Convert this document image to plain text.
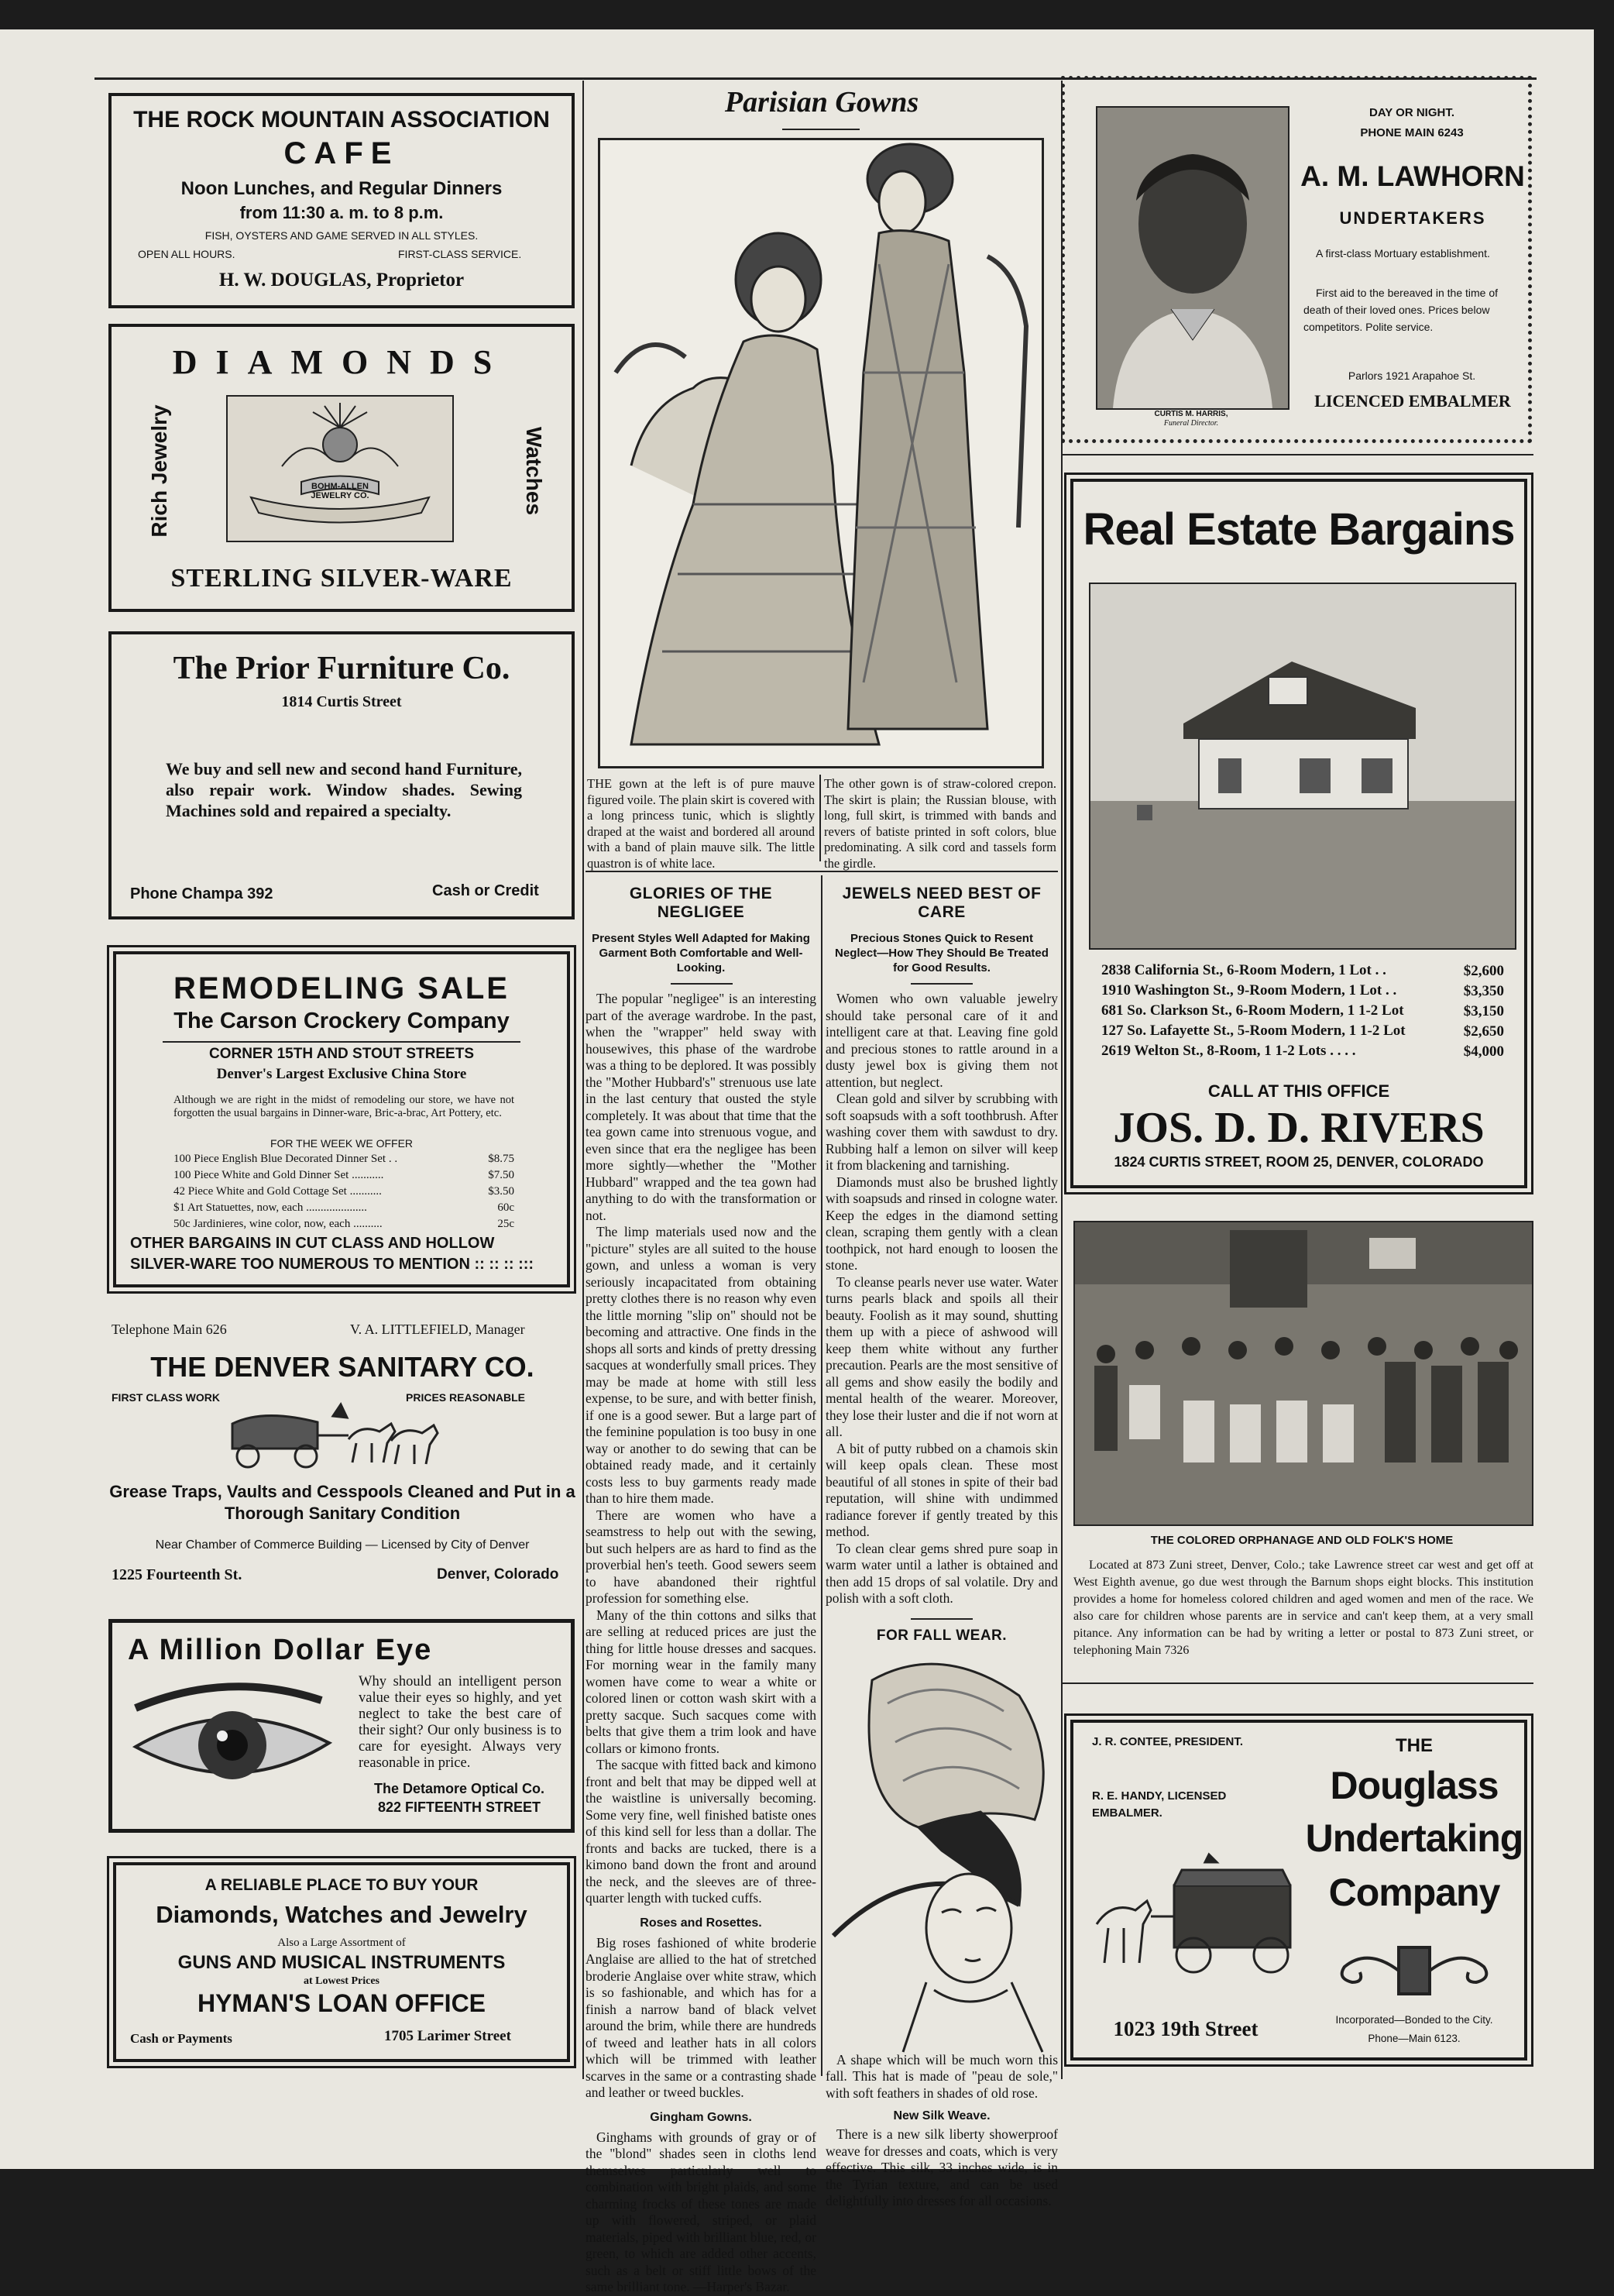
THE ROCK MOUNTAIN ASSOCIATION
CAFE
Noon Lunches, and Regular Dinners
from 11:30 a. m. to 8 p.m.
FISH, OYSTERS AND GAME SERVED IN ALL STYLES.
OPEN ALL HOURS.	FIRST-CLASS SERVICE.
H. W. DOUGLAS, Proprietor
DIAMONDS
Rich Jewelry	Watches
BOHM-ALLEN JEWELRY CO.
STERLING SILVER-WARE
The Prior Furniture Co.
1814 Curtis Street
We buy and sell new and second hand Furniture, also repair work. Window shades. Sewing Machines sold and repaired a specialty.
Phone Champa 392	Cash or Credit
REMODELING SALE
The Carson Crockery Company
CORNER 15TH AND STOUT STREETS
Denver's Largest Exclusive China Store
Although we are right in the midst of remodeling our store, we have not forgotten the usual bargains in Dinner-ware, Bric-a-brac, Art Pottery, etc.
FOR THE WEEK WE OFFER
100 Piece English Blue Decorated Dinner Set . .	$8.75
100 Piece White and Gold Dinner Set ...........	$7.50
42 Piece White and Gold Cottage Set ...........	$3.50
$1 Art Statuettes, now, each .....................	60c
50c Jardinieres, wine color, now, each ..........	25c
OTHER BARGAINS IN CUT CLASS AND HOLLOW SILVER-WARE TOO NUMEROUS TO MENTION :: :: :: :::
Telephone Main 626	V. A. LITTLEFIELD, Manager
THE DENVER SANITARY CO.
FIRST CLASS WORK	PRICES REASONABLE
Grease Traps, Vaults and Cesspools Cleaned and Put in a Thorough Sanitary Condition
Near Chamber of Commerce Building — Licensed by City of Denver
1225 Fourteenth St.	Denver, Colorado
A Million Dollar Eye
Why should an intelligent person value their eyes so highly, and yet neglect to take the best care of their sight? Our only business is to care for eyesight. Always very reasonable in price.
The Detamore Optical Co.
822 FIFTEENTH STREET
A RELIABLE PLACE TO BUY YOUR
Diamonds, Watches and Jewelry
Also a Large Assortment of
GUNS AND MUSICAL INSTRUMENTS
at Lowest Prices
HYMAN'S LOAN OFFICE
Cash or Payments	1705 Larimer Street
Parisian Gowns

THE gown at the left is of pure mauve figured voile. The plain skirt is covered with a long princess tunic, which is slightly draped at the waist and bordered all around with a band of plain mauve silk. The little quastron is of white lace.

The other gown is of straw-colored crepon. The skirt is plain; the Russian blouse, with long, full skirt, is trimmed with bands and revers of batiste printed in soft colors, blue predominating. A silk cord and tassels form the girdle.

GLORIES OF THE NEGLIGEE
Present Styles Well Adapted for Making Garment Both Comfortable and Well-Looking.

The popular "negligee" is an interesting part of the average wardrobe. In the past, when the "wrapper" held sway with housewives, this phase of the wardrobe was a thing to be deplored. It was possibly the "Mother Hubbard's" strenuous use late in the last century that ousted the style completely. It was about that time that the tea gown came into strenuous vogue, and even since that era the negligee has been more sightly—whether the "Mother Hubbard" wrapped and the tea gown had anything to do with the transformation or not.

The limp materials used now and the "picture" styles are all suited to the house gown, and unless a woman is very seriously incapacitated from obtaining pretty clothes there is no reason why even the little morning "slip on" should not be becoming and attractive. One finds in the shops all sorts and kinds of pretty dressing sacques at wonderfully small prices. They may be made at home with still less expense, to be sure, and with better finish, if one is a good sewer. But a large part of the feminine population is too busy in one way or another to do sewing that can be obtained ready made, and it certainly costs less to buy garments ready made than to hire them made.

There are women who have a seamstress to help out with the sewing, but such helpers are as hard to find as the proverbial hen's teeth. Good sewers seem to have abandoned their rightful profession for something else.

Many of the thin cottons and silks that are selling at reduced prices are just the thing for little house dresses and sacques. For morning wear in the family many women have come to wear a white or colored linen or cotton wash skirt with a pretty sacque. Such sacques come with belts that give them a trim look and have collars or kimono fronts.

The sacque with fitted back and kimono front and belt that may be dipped well at the waistline is universally becoming. Some very fine, well finished batiste ones of this kind sell for less than a dollar. The fronts and backs are tucked, there is a kimono band down the front and around the neck, and the sleeves are of three-quarter length with tucked cuffs.

Roses and Rosettes.

Big roses fashioned of white broderie Anglaise are allied to the hat of stretched broderie Anglaise over white straw, which is so fashionable, and which has for a finish a narrow band of black velvet around the brim, while there are hundreds of tweed and leather hats in all colors which will be trimmed with leather scarves in the same or a contrasting shade and leather or tweed buckles.

Gingham Gowns.

Ginghams with grounds of gray or of the "blond" shades seen in cloths lend themselves particularly well to combination with bright plaids, and some charming frocks of these tones are made up with flowered, striped, or plaid materials, piped with brilliant blue, red, or green, to which are added other accents, such as a belt or stiff little bows of the same brilliant tone. —Harper's Bazar.

JEWELS NEED BEST OF CARE
Precious Stones Quick to Resent Neglect—How They Should Be Treated for Good Results.

Women who own valuable jewelry should take personal care of it and intelligent care at that. Leaving fine gold and precious stones to rattle around in a dusty jewel box is giving them not attention, but neglect.

Clean gold and silver by scrubbing with soft soapsuds with a soft toothbrush. After washing cover them with sawdust to dry. Rubbing half a lemon on silver will keep it from blackening and tarnishing.

Diamonds must also be brushed lightly with soapsuds and rinsed in cologne water. Keep the edges in the diamond setting clean, scraping them gently with a clean toothpick, not hard enough to loosen the stone.

To cleanse pearls never use water. Water turns pearls black and spoils all their beauty. Foolish as it may sound, shutting them up with a piece of ashwood will keep them white without any further precaution. Pearls are the most sensitive of all gems and show easily the bodily and mental health of the wearer. Moreover, they lose their luster and die if not worn at all.

A bit of putty rubbed on a chamois skin will keep opals clean. These most beautiful of all stones in spite of their bad reputation, will shine with undimmed radiance forever if gently treated by this method.

To clean clear gems shred pure soap in warm water until a lather is obtained and then add 15 drops of sal volatile. Dry and polish with a soft cloth.

FOR FALL WEAR.

A shape which will be much worn this fall. This hat is made of "peau de sole," with soft feathers in shades of old rose.

New Silk Weave.

There is a new silk liberty showerproof weave for dresses and coats, which is very effective. This silk, 33 inches wide, is in the Tyrian texture, and can be used delightfully into dresses for all occasions.

CURTIS M. HARRIS,
Funeral Director.
DAY OR NIGHT.
PHONE MAIN 6243
A. M. LAWHORN
UNDERTAKERS
A first-class Mortuary establishment.
First aid to the bereaved in the time of death of their loved ones. Prices below competitors. Polite service.
Parlors 1921 Arapahoe St.
LICENCED EMBALMER
Real Estate Bargains
2838 California St., 6-Room Modern, 1 Lot . .	$2,600
1910 Washington St., 9-Room Modern, 1 Lot . .	$3,350
681 So. Clarkson St., 6-Room Modern, 1 1-2 Lot	$3,150
127 So. Lafayette St., 5-Room Modern, 1 1-2 Lot	$2,650
2619 Welton St., 8-Room, 1 1-2 Lots . . . .	$4,000
CALL AT THIS OFFICE
JOS. D. D. RIVERS
1824 CURTIS STREET, ROOM 25, DENVER, COLORADO
THE COLORED ORPHANAGE AND OLD FOLK'S HOME
Located at 873 Zuni street, Denver, Colo.; take Lawrence street car west and get off at West Eighth avenue, go due west through the Barnum shops eight blocks. This institution provides a home for homeless colored children and aged women and men of the race. We also care for children whose parents are in service and can't keep them, at a very small pitance. Any information can be had by writing a letter or postal to 873 Zuni street, or telephoning Main 7326
J. R. CONTEE, PRESIDENT.
R. E. HANDY, LICENSED EMBALMER.
1023 19th Street
THE
Douglass
Undertaking
Company
Incorporated—Bonded to the City.
Phone—Main 6123.
